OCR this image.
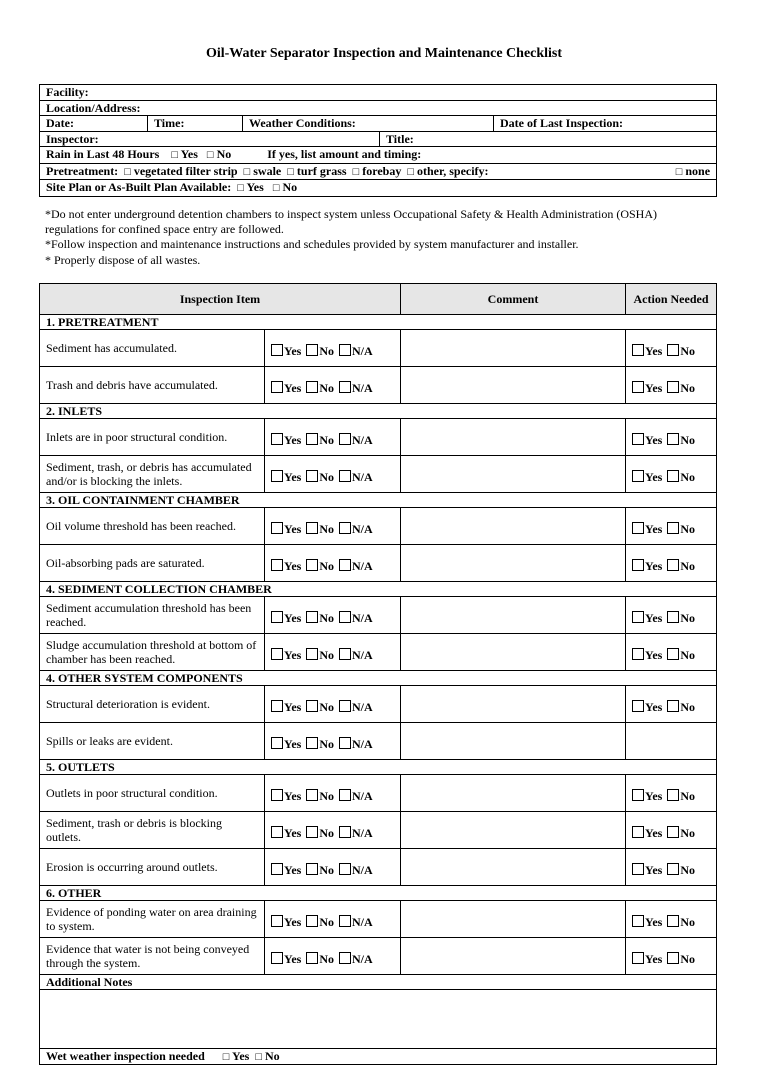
Oil-Water Separator Inspection and Maintenance Checklist
Facility:				
Location/Address:				
Date:	Time:	Weather Conditions:		Date of Last Inspection:
Inspector:			Title:	
Rain in Last 48 Hours □ Yes □ No If yes, list amount and timing:				
Pretreatment: □ vegetated filter strip □ swale □ turf grass □ forebay □ other, specify: □ none				

Site Plan or As-Built Plan Available: □ Yes □ No				

*Do not enter underground detention chambers to inspect system unless Occupational Safety & Health Administration (OSHA) regulations for confined space entry are followed.

*Follow inspection and maintenance instructions and schedules provided by system manufacturer and installer.

* Properly dispose of all wastes.

Inspection Item		Comment	Action Needed
1. PRETREATMENT			
Sediment has accumulated.	Yes No N/A		Yes No
Trash and debris have accumulated.	Yes No N/A		Yes No
2. INLETS			
Inlets are in poor structural condition.	Yes No N/A		Yes No
Sediment, trash, or debris has accumulated and/or is blocking the inlets.	Yes No N/A		Yes No
3. OIL CONTAINMENT CHAMBER			
Oil volume threshold has been reached.	Yes No N/A		Yes No
Oil-absorbing pads are saturated.	Yes No N/A		Yes No
4. SEDIMENT COLLECTION CHAMBER			
Sediment accumulation threshold has been reached.	Yes No N/A		Yes No
Sludge accumulation threshold at bottom of chamber has been reached.	Yes No N/A		Yes No
4. OTHER SYSTEM COMPONENTS			
Structural deterioration is evident.	Yes No N/A		Yes No
Spills or leaks are evident.	Yes No N/A		
5. OUTLETS			
Outlets in poor structural condition.	Yes No N/A		Yes No
Sediment, trash or debris is blocking outlets.	Yes No N/A		Yes No
Erosion is occurring around outlets.	Yes No N/A		Yes No
6. OTHER			
Evidence of ponding water on area draining to system.	Yes No N/A		Yes No
Evidence that water is not being conveyed through the system.	Yes No N/A		Yes No
Additional Notes			

Wet weather inspection needed □ Yes □ No			
